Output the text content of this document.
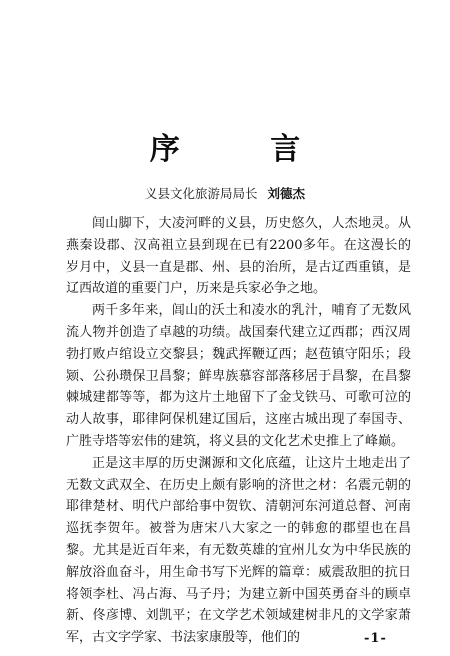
序 言
义县文化旅游局局长 刘德杰

闾山脚下，大凌河畔的义县，历史悠久，人杰地灵。从燕秦设郡、汉高祖立县到现在已有2200多年。在这漫长的岁月中，义县一直是郡、州、县的治所，是古辽西重镇，是辽西故道的重要门户，历来是兵家必争之地。

两千多年来，闾山的沃土和凌水的乳汁，哺育了无数风流人物并创造了卓越的功绩。战国秦代建立辽西郡；西汉周勃打败卢绾设立交黎县；魏武挥鞭辽西；赵苞镇守阳乐；段颎、公孙瓒保卫昌黎；鲜卑族慕容部落移居于昌黎，在昌黎棘城建都等等，都为这片土地留下了金戈铁马、可歌可泣的动人故事，耶律阿保机建辽国后，这座古城出现了奉国寺、广胜寺塔等宏伟的建筑，将义县的文化艺术史推上了峰巅。

正是这丰厚的历史渊源和文化底蕴，让这片土地走出了无数文武双全、在历史上颇有影响的济世之材：名震元朝的耶律楚材、明代户部给事中贺钦、清朝河东河道总督、河南巡抚李贺年。被誉为唐宋八大家之一的韩愈的郡望也在昌黎。尤其是近百年来，有无数英雄的宜州儿女为中华民族的解放浴血奋斗，用生命书写下光辉的篇章：威震敌胆的抗日将领李杜、冯占海、马子丹；为建立新中国英勇奋斗的顾卓新、佟彦博、刘凯平；在文学艺术领域建树非凡的文学家萧军，古文字学家、书法家康殷等，他们的	-1-
